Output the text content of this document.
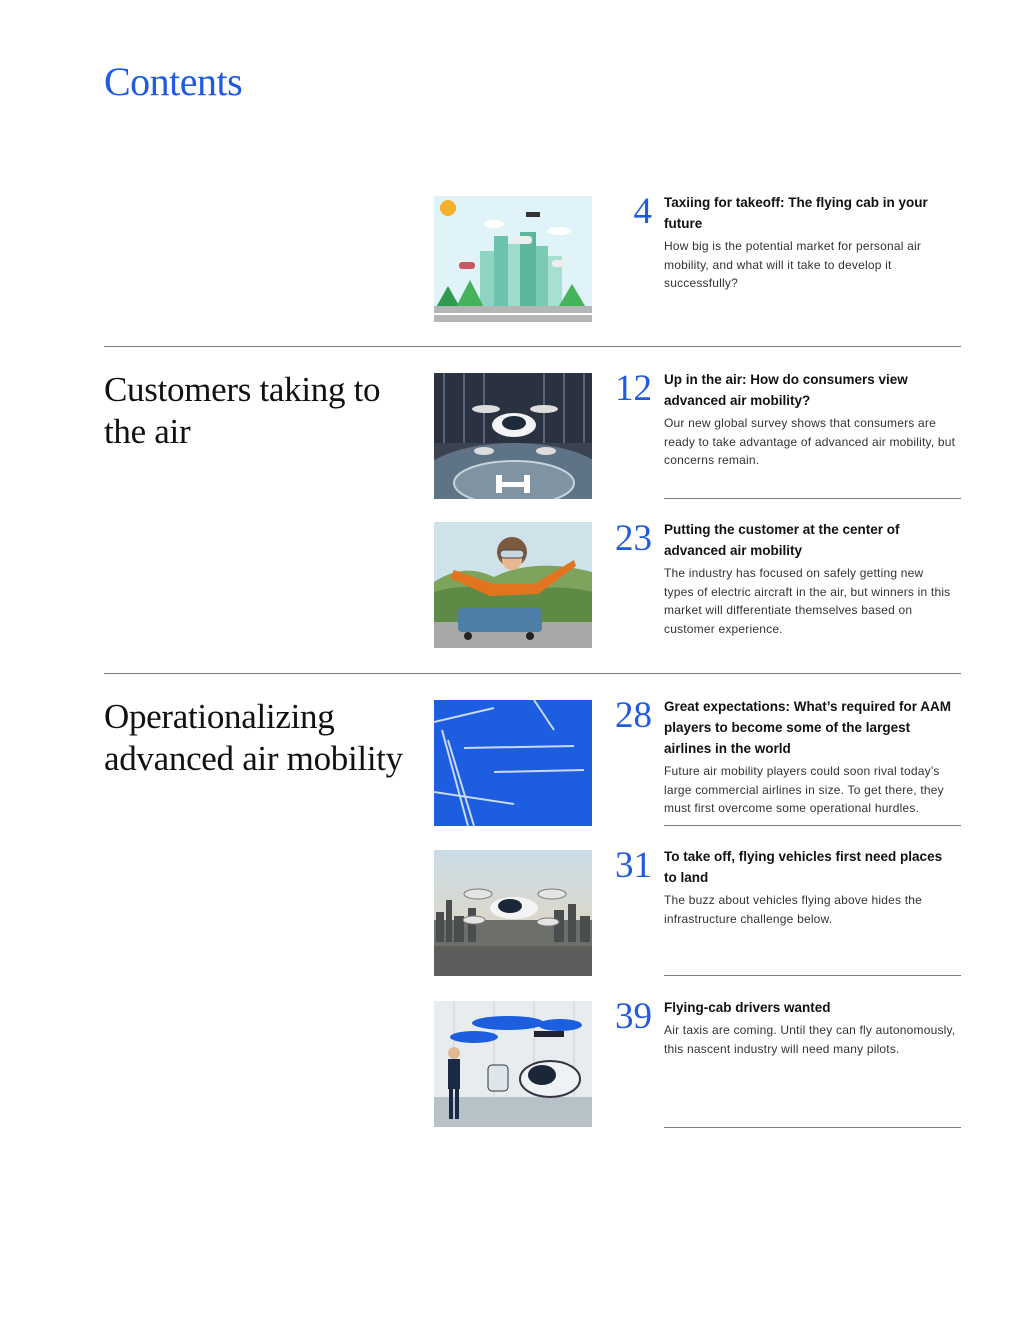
Contents
4 Taxiing for takeoff: The flying cab in your future
How big is the potential market for personal air mobility, and what will it take to develop it successfully?
Customers taking to the air
12 Up in the air: How do consumers view advanced air mobility?
Our new global survey shows that consumers are ready to take advantage of advanced air mobility, but concerns remain.
23 Putting the customer at the center of advanced air mobility
The industry has focused on safely getting new types of electric aircraft in the air, but winners in this market will differentiate themselves based on customer experience.
Operationalizing advanced air mobility
28 Great expectations: What’s required for AAM players to become some of the largest airlines in the world
Future air mobility players could soon rival today’s large commercial airlines in size. To get there, they must first overcome some operational hurdles.
31 To take off, flying vehicles first need places to land
The buzz about vehicles flying above hides the infrastructure challenge below.
39 Flying-cab drivers wanted
Air taxis are coming. Until they can fly autonomously, this nascent industry will need many pilots.
